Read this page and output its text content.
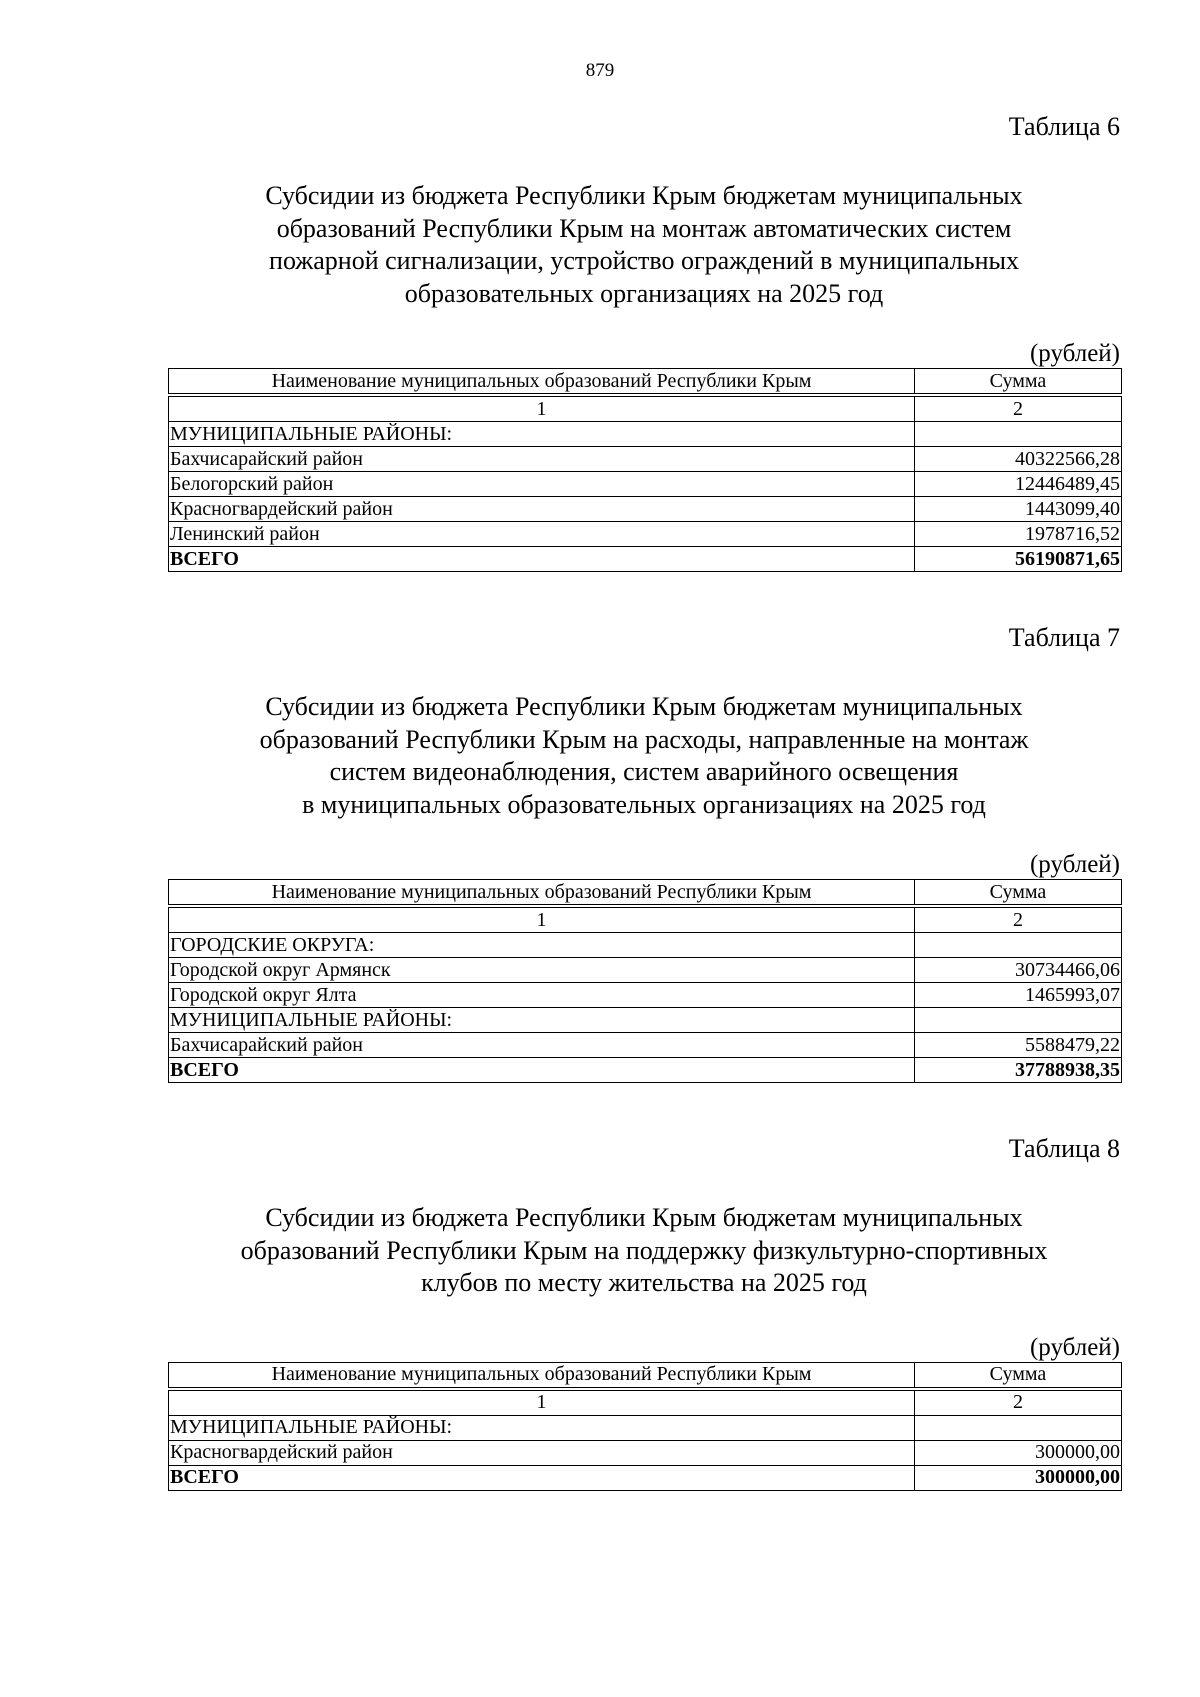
879
Таблица 6
Субсидии из бюджета Республики Крым бюджетам муниципальных
образований Республики Крым на монтаж автоматических систем
пожарной сигнализации, устройство ограждений в муниципальных
образовательных организациях на 2025 год
(рублей)
Наименование муниципальных образований Республики Крым	Сумма

1	2
МУНИЦИПАЛЬНЫЕ РАЙОНЫ:	
Бахчисарайский район	40322566,28
Белогорский район	12446489,45
Красногвардейский район	1443099,40
Ленинский район	1978716,52
ВСЕГО	56190871,65
Таблица 7
Субсидии из бюджета Республики Крым бюджетам муниципальных
образований Республики Крым на расходы, направленные на монтаж
систем видеонаблюдения, систем аварийного освещения
в муниципальных образовательных организациях на 2025 год
(рублей)
Наименование муниципальных образований Республики Крым	Сумма

1	2
ГОРОДСКИЕ ОКРУГА:	
Городской округ Армянск	30734466,06
Городской округ Ялта	1465993,07
МУНИЦИПАЛЬНЫЕ РАЙОНЫ:	
Бахчисарайский район	5588479,22
ВСЕГО	37788938,35
Таблица 8
Субсидии из бюджета Республики Крым бюджетам муниципальных
образований Республики Крым на поддержку физкультурно-спортивных
клубов по месту жительства на 2025 год
(рублей)
Наименование муниципальных образований Республики Крым	Сумма

1	2
МУНИЦИПАЛЬНЫЕ РАЙОНЫ:	
Красногвардейский район	300000,00
ВСЕГО	300000,00
